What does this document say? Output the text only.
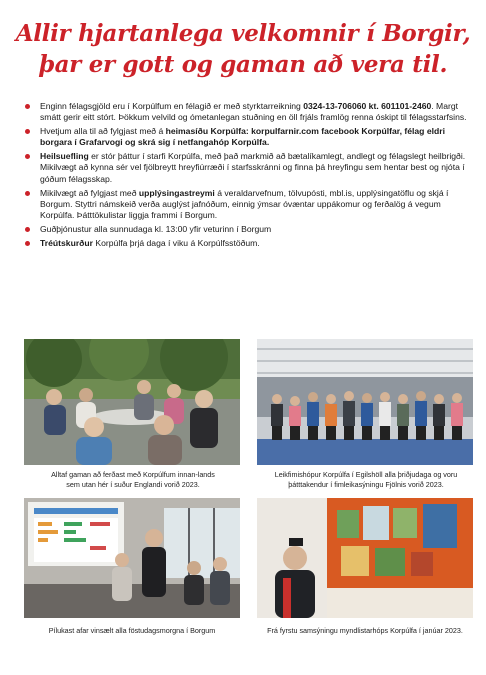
Allir hjartanlega velkomnir í Borgir,
þar er gott og gaman að vera til.
Enginn félagsgjöld eru í Korpúlfum en félagið er með styrktarreikning 0324-13-706060 kt. 601101-2460. Margt smátt gerir eitt stórt. Þökkum velvild og ómetanlegan stuðning en öll frjáls framlög renna óskipt til félagsstarfsins.
Hvetjum alla til að fylgjast með á heimasíðu Korpúlfa: korpulfarnir.com facebook Korpúlfar, félag eldri borgara í Grafarvogi og skrá sig í netfangahóp Korpúlfa.
Heilsuefling er stór þáttur í starfi Korpúlfa, með það markmið að bætalíkamlegt, andlegt og félagslegt heilbrigði. Mikilvægt að kynna sér vel fjölbreytt hreyfiúrræði í starfsskránni og finna þá hreyfingu sem hentar best og njóta í góðum félagsskap.
Mikilvægt að fylgjast með upplýsingastreymi á veraldarvefnum, tölvupósti, mbl.is, upplýsingatöflu og skjá í Borgum. Styttri námskeið verða auglýst jafnóðum, einnig ýmsar óvæntar uppákomur og ferðalög á vegum Korpúlfa. Þátttökulistar liggja frammi í Borgum.
Guðþjónustur alla sunnudaga kl. 13:00 yfir veturinn í Borgum
Tréútskurður Korpúlfa þrjá daga í viku á Korpúlfsstöðum.
Alltaf gaman að ferðast með Korpúlfum innan-lands sem utan hér í suður Englandi vorið 2023.
Leikfimishópur Korpúlfa í Egilshöll alla þriðjudaga og voru þátttakendur í fimleikasýningu Fjölnis vorið 2023.
Pílukast afar vinsælt alla föstudagsmorgna í Borgum	Frá fyrstu samsýningu myndlistarhóps Korpúlfa í janúar 2023.
